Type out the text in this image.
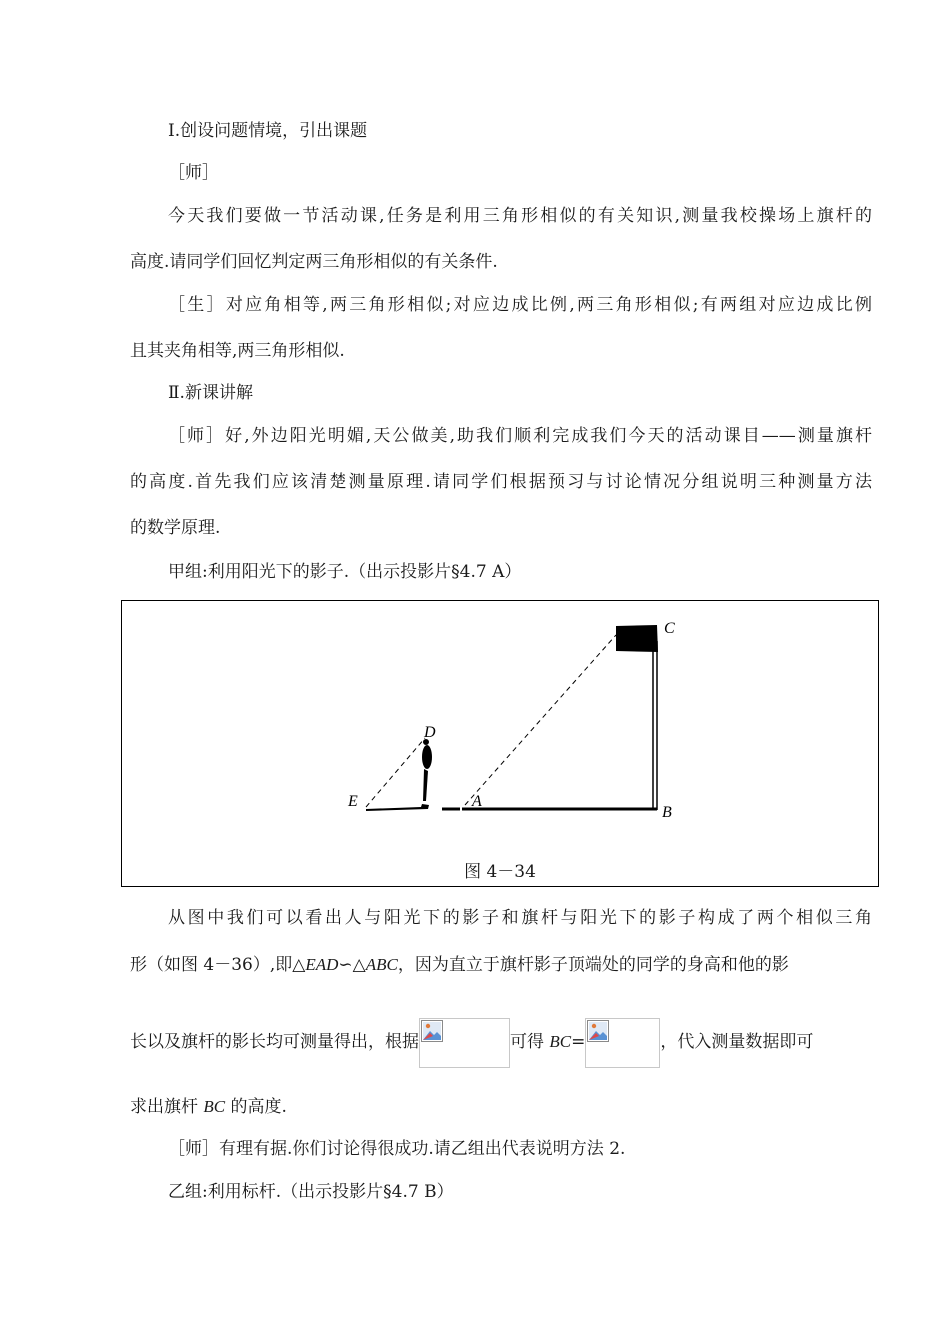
Ⅰ.创设问题情境，引出课题

［师］

今天我们要做一节活动课,任务是利用三角形相似的有关知识,测量我校操场上旗杆的

高度.请同学们回忆判定两三角形相似的有关条件.

［生］对应角相等,两三角形相似;对应边成比例,两三角形相似;有两组对应边成比例

且其夹角相等,两三角形相似.

Ⅱ.新课讲解

［师］好,外边阳光明媚,天公做美,助我们顺利完成我们今天的活动课目——测量旗杆

的高度.首先我们应该清楚测量原理.请同学们根据预习与讨论情况分组说明三种测量方法

的数学原理.

甲组:利用阳光下的影子.（出示投影片§4.7 A）

C
D
E	A
B
图 4－34

从图中我们可以看出人与阳光下的影子和旗杆与阳光下的影子构成了两个相似三角

形（如图 4－36）,即△EAD∽△ABC，因为直立于旗杆影子顶端处的同学的身高和他的影

长以及旗杆的影长均可测量得出，根据	可得 BC=	，代入测量数据即可

求出旗杆 BC 的高度.

［师］有理有据.你们讨论得很成功.请乙组出代表说明方法 2.

乙组:利用标杆.（出示投影片§4.7 B）
